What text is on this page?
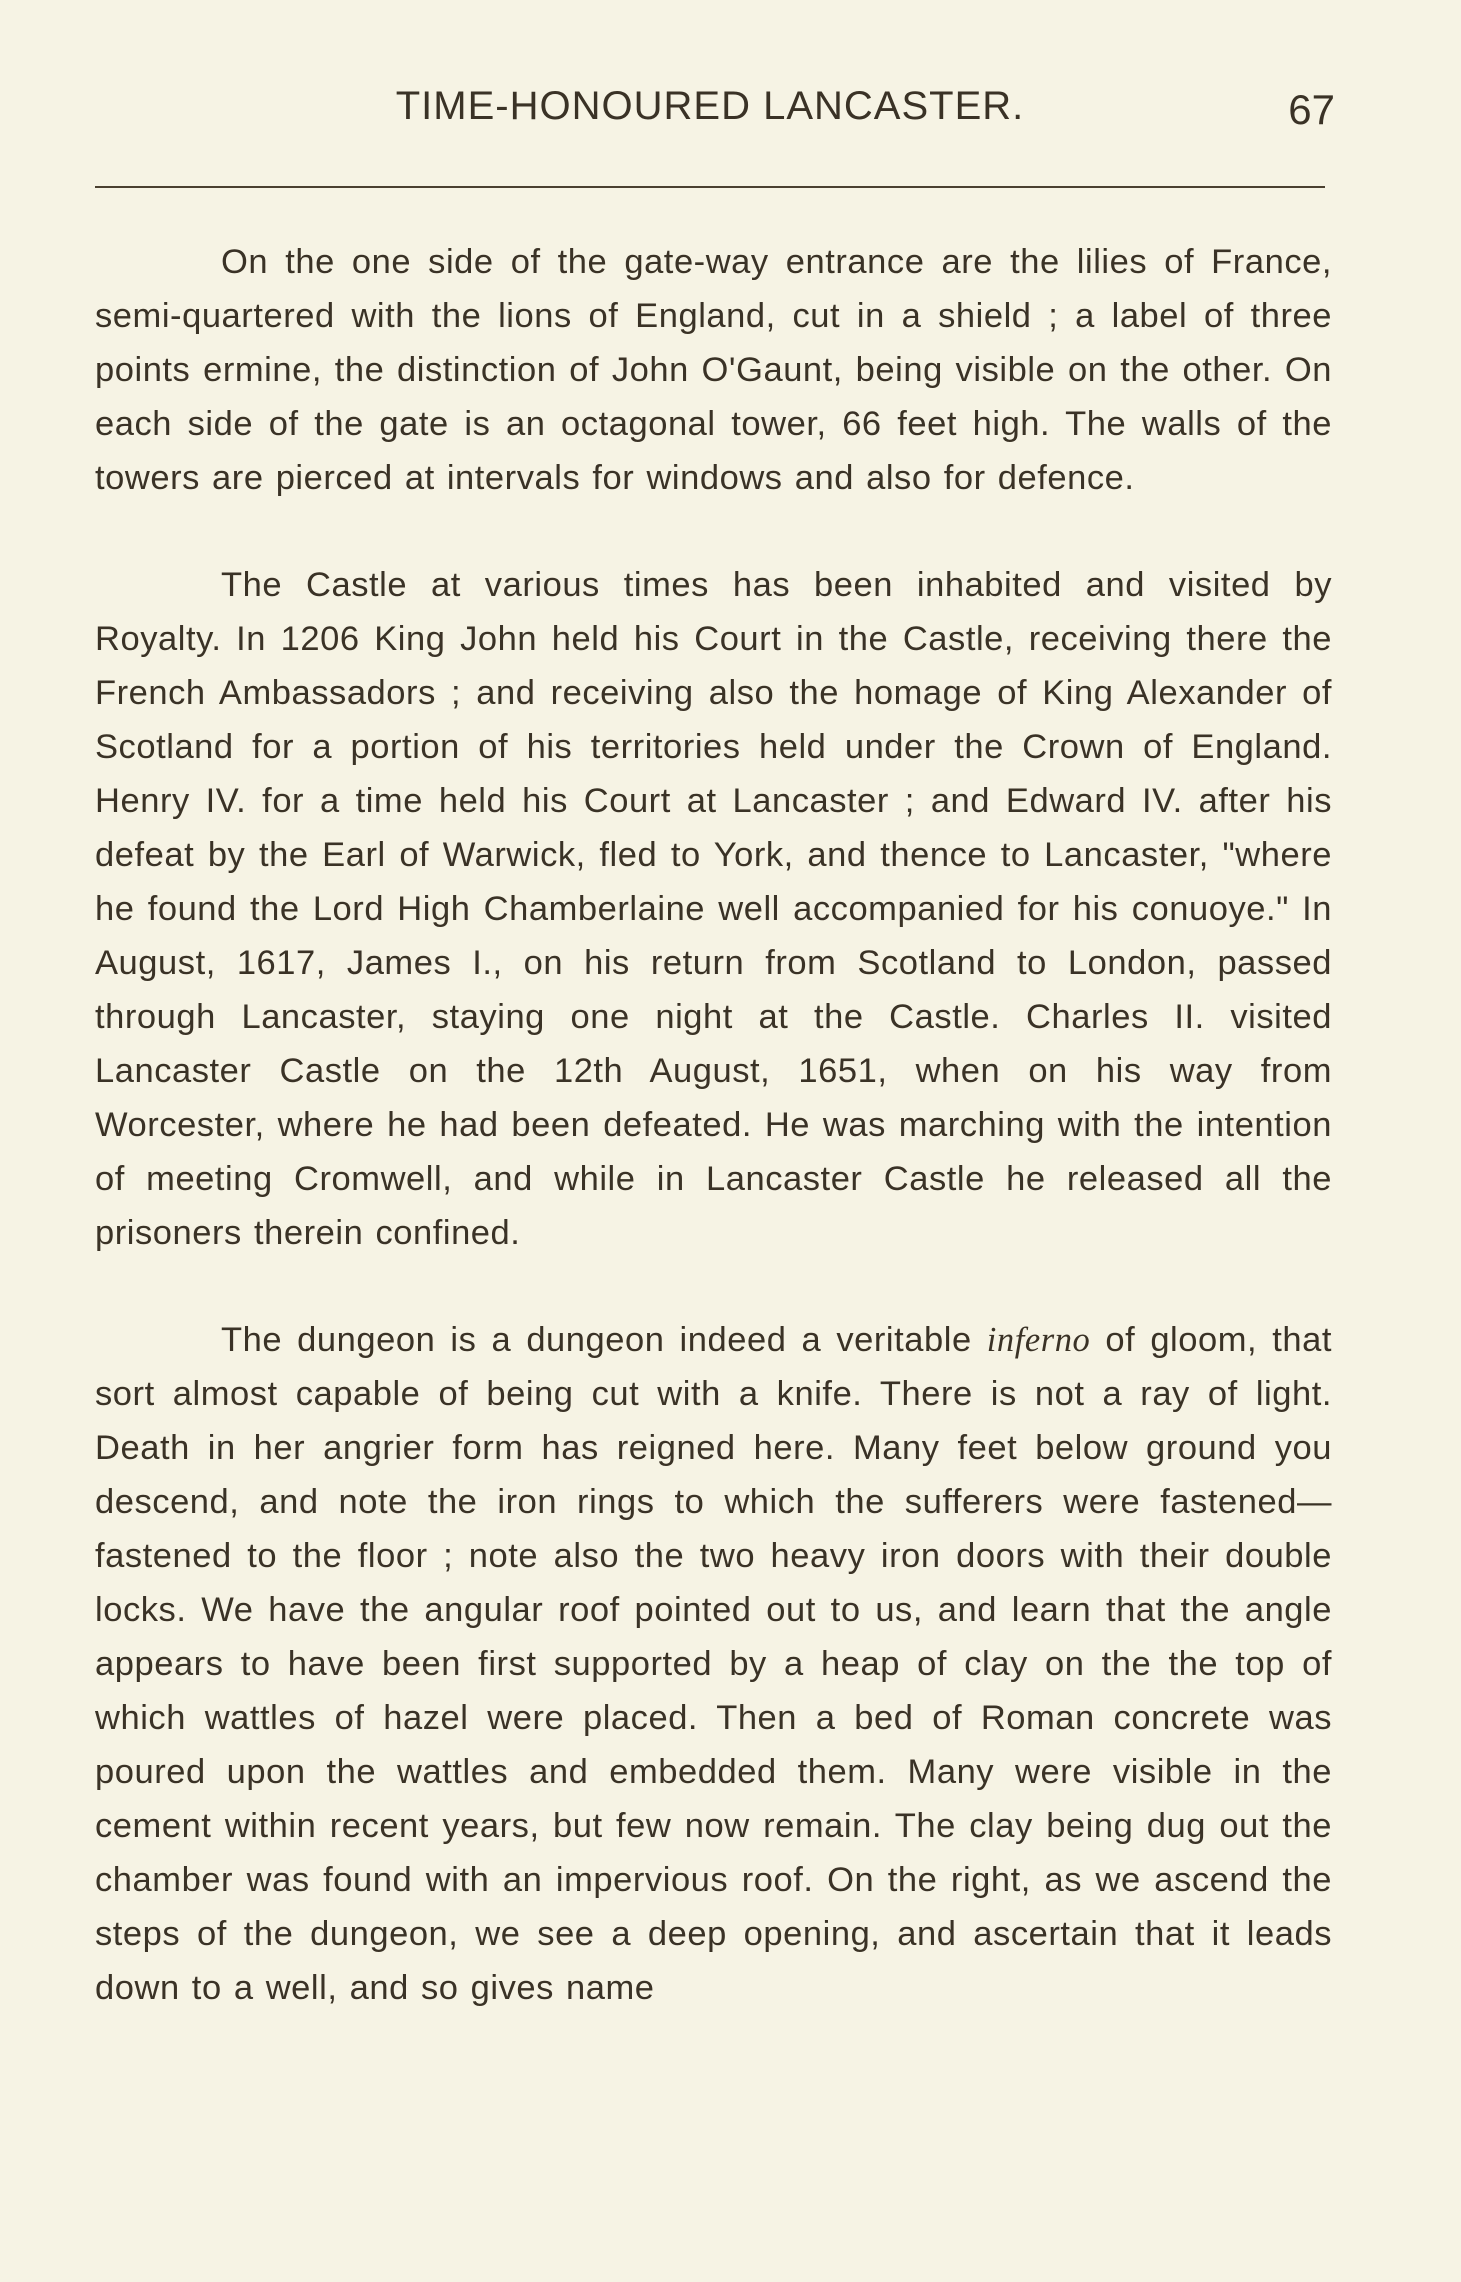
TIME-HONOURED LANCASTER.	67

On the one side of the gate-way entrance are the lilies of France, semi-quartered with the lions of England, cut in a shield ; a label of three points ermine, the distinction of John O'Gaunt, being visible on the other. On each side of the gate is an octagonal tower, 66 feet high. The walls of the towers are pierced at intervals for windows and also for defence.

The Castle at various times has been inhabited and visited by Royalty. In 1206 King John held his Court in the Castle, receiving there the French Ambassadors ; and receiving also the homage of King Alexander of Scotland for a portion of his territories held under the Crown of England. Henry IV. for a time held his Court at Lancaster ; and Edward IV. after his defeat by the Earl of Warwick, fled to York, and thence to Lancaster, "where he found the Lord High Chamberlaine well accompanied for his conuoye." In August, 1617, James I., on his return from Scotland to London, passed through Lancaster, staying one night at the Castle. Charles II. visited Lancaster Castle on the 12th August, 1651, when on his way from Worcester, where he had been defeated. He was marching with the intention of meeting Cromwell, and while in Lancaster Castle he released all the prisoners therein confined.

The dungeon is a dungeon indeed a veritable inferno of gloom, that sort almost capable of being cut with a knife. There is not a ray of light. Death in her angrier form has reigned here. Many feet below ground you descend, and note the iron rings to which the sufferers were fastened—fastened to the floor ; note also the two heavy iron doors with their double locks. We have the angular roof pointed out to us, and learn that the angle appears to have been first supported by a heap of clay on the the top of which wattles of hazel were placed. Then a bed of Roman concrete was poured upon the wattles and embedded them. Many were visible in the cement within recent years, but few now remain. The clay being dug out the chamber was found with an impervious roof. On the right, as we ascend the steps of the dungeon, we see a deep opening, and ascertain that it leads down to a well, and so gives name
